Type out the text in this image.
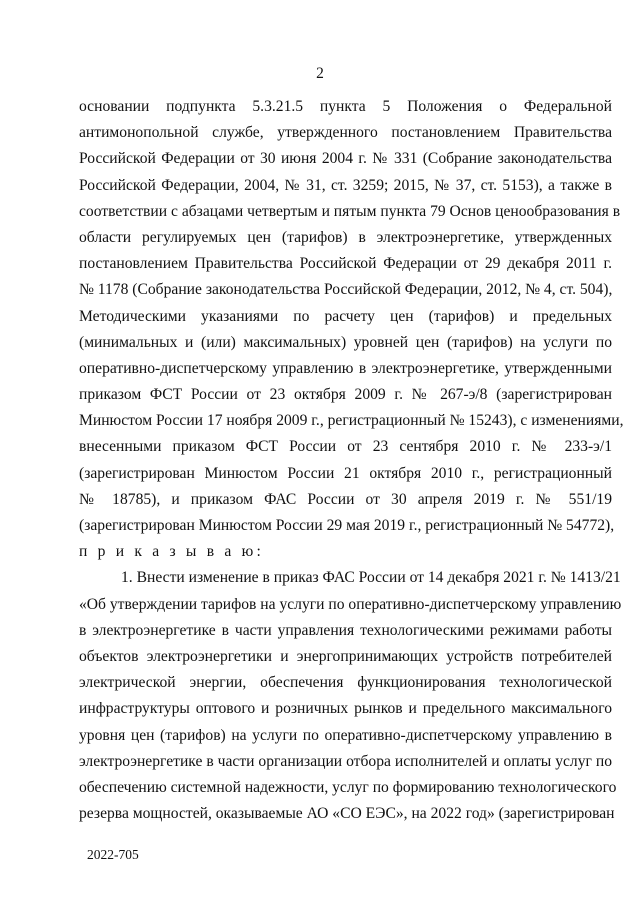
2
основании подпункта 5.3.21.5 пункта 5 Положения о Федеральной
антимонопольной службе, утвержденного постановлением Правительства
Российской Федерации от 30 июня 2004 г. № 331 (Собрание законодательства
Российской Федерации, 2004, № 31, ст. 3259; 2015, № 37, ст. 5153), а также в
соответствии с абзацами четвертым и пятым пункта 79 Основ ценообразования в
области регулируемых цен (тарифов) в электроэнергетике, утвержденных
постановлением Правительства Российской Федерации от 29 декабря 2011 г.
№ 1178 (Собрание законодательства Российской Федерации, 2012, № 4, ст. 504),
Методическими указаниями по расчету цен (тарифов) и предельных
(минимальных и (или) максимальных) уровней цен (тарифов) на услуги по
оперативно-диспетчерскому управлению в электроэнергетике, утвержденными
приказом ФСТ России от 23 октября 2009 г. № 267-э/8 (зарегистрирован
Минюстом России 17 ноября 2009 г., регистрационный № 15243), с изменениями,
внесенными приказом ФСТ России от 23 сентября 2010 г. № 233-э/1
(зарегистрирован Минюстом России 21 октября 2010 г., регистрационный
№ 18785), и приказом ФАС России от 30 апреля 2019 г. № 551/19
(зарегистрирован Минюстом России 29 мая 2019 г., регистрационный № 54772),
п р и к а з ы в а ю:
1. Внести изменение в приказ ФАС России от 14 декабря 2021 г. № 1413/21
«Об утверждении тарифов на услуги по оперативно-диспетчерскому управлению
в электроэнергетике в части управления технологическими режимами работы
объектов электроэнергетики и энергопринимающих устройств потребителей
электрической энергии, обеспечения функционирования технологической
инфраструктуры оптового и розничных рынков и предельного максимального
уровня цен (тарифов) на услуги по оперативно-диспетчерскому управлению в
электроэнергетике в части организации отбора исполнителей и оплаты услуг по
обеспечению системной надежности, услуг по формированию технологического
резерва мощностей, оказываемые АО «СО ЕЭС», на 2022 год» (зарегистрирован
2022-705
